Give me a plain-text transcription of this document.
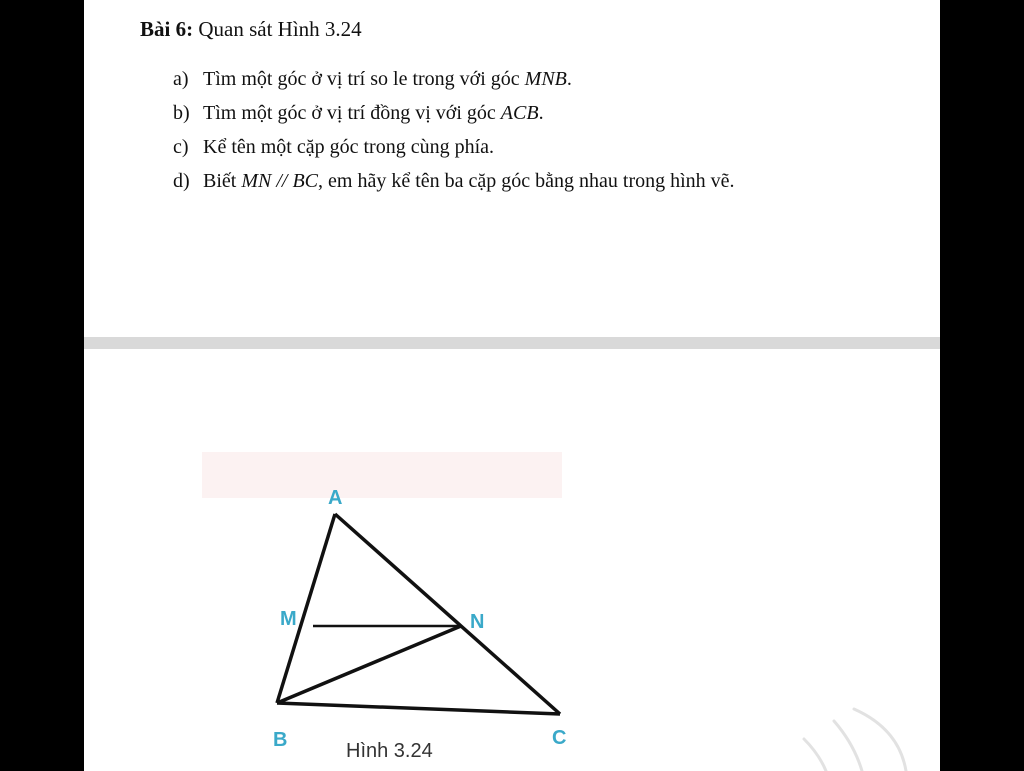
Bài 6: Quan sát Hình 3.24

a) Tìm một góc ở vị trí so le trong với góc MNB.
b) Tìm một góc ở vị trí đồng vị với góc ACB.
c) Kể tên một cặp góc trong cùng phía.
d) Biết MN // BC, em hãy kể tên ba cặp góc bằng nhau trong hình vẽ.
A
M	N
B	C
Hình 3.24
